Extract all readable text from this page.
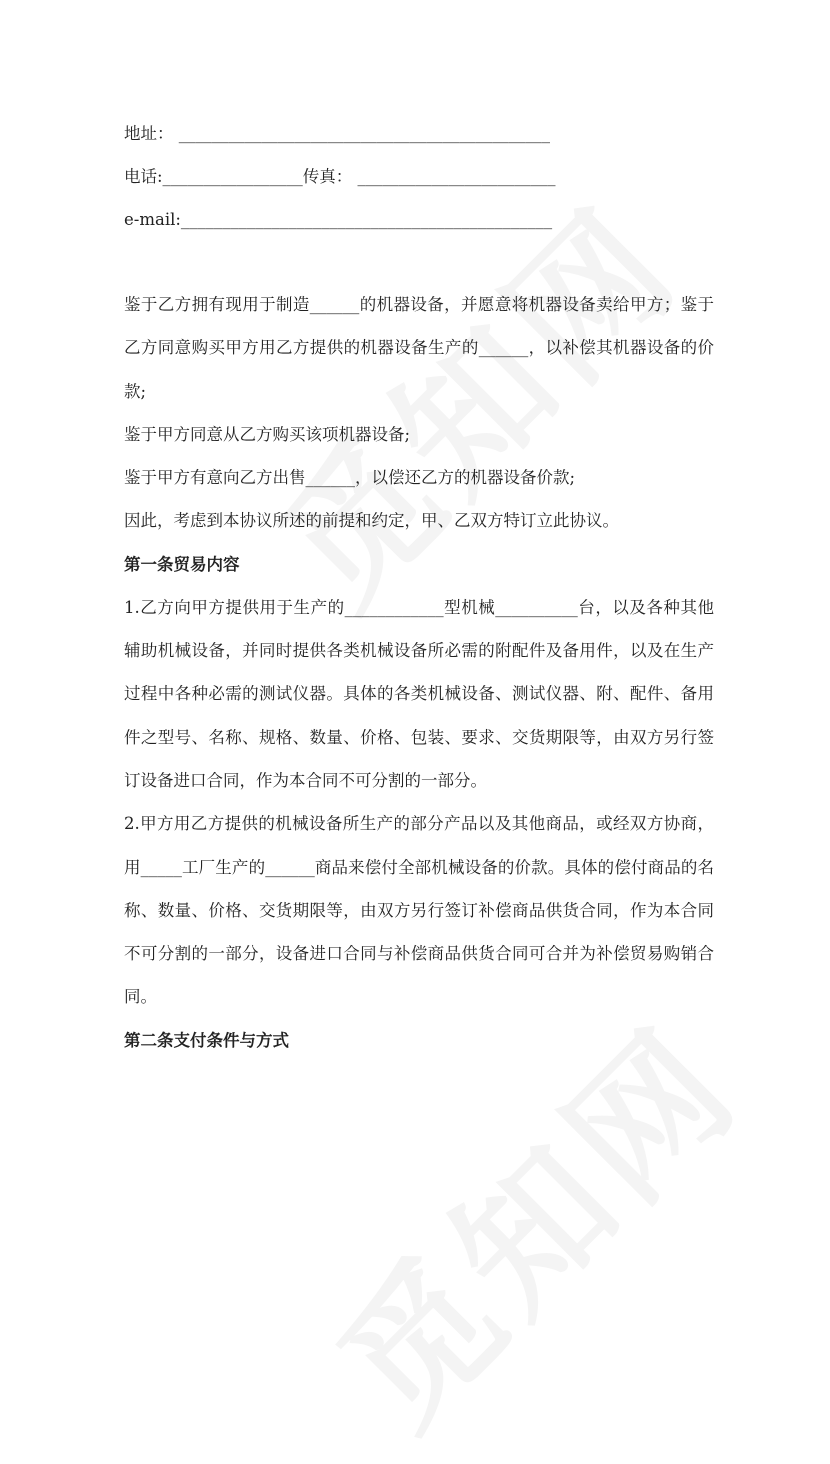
地址： _____________________________________________
电话:_________________传真： ________________________
e-mail:_____________________________________________
鉴于乙方拥有现用于制造______的机器设备，并愿意将机器设备卖给甲方；鉴于乙方同意购买甲方用乙方提供的机器设备生产的______，以补偿其机器设备的价款;
鉴于甲方同意从乙方购买该项机器设备;
鉴于甲方有意向乙方出售______，以偿还乙方的机器设备价款;
因此，考虑到本协议所述的前提和约定，甲、乙双方特订立此协议。
第一条贸易内容
1.乙方向甲方提供用于生产的____________型机械__________台，以及各种其他辅助机械设备，并同时提供各类机械设备所必需的附配件及备用件，以及在生产过程中各种必需的测试仪器。具体的各类机械设备、测试仪器、附、配件、备用件之型号、名称、规格、数量、价格、包装、要求、交货期限等，由双方另行签订设备进口合同，作为本合同不可分割的一部分。
2.甲方用乙方提供的机械设备所生产的部分产品以及其他商品，或经双方协商，用_____工厂生产的______商品来偿付全部机械设备的价款。具体的偿付商品的名称、数量、价格、交货期限等，由双方另行签订补偿商品供货合同，作为本合同不可分割的一部分，设备进口合同与补偿商品供货合同可合并为补偿贸易购销合同。
第二条支付条件与方式
